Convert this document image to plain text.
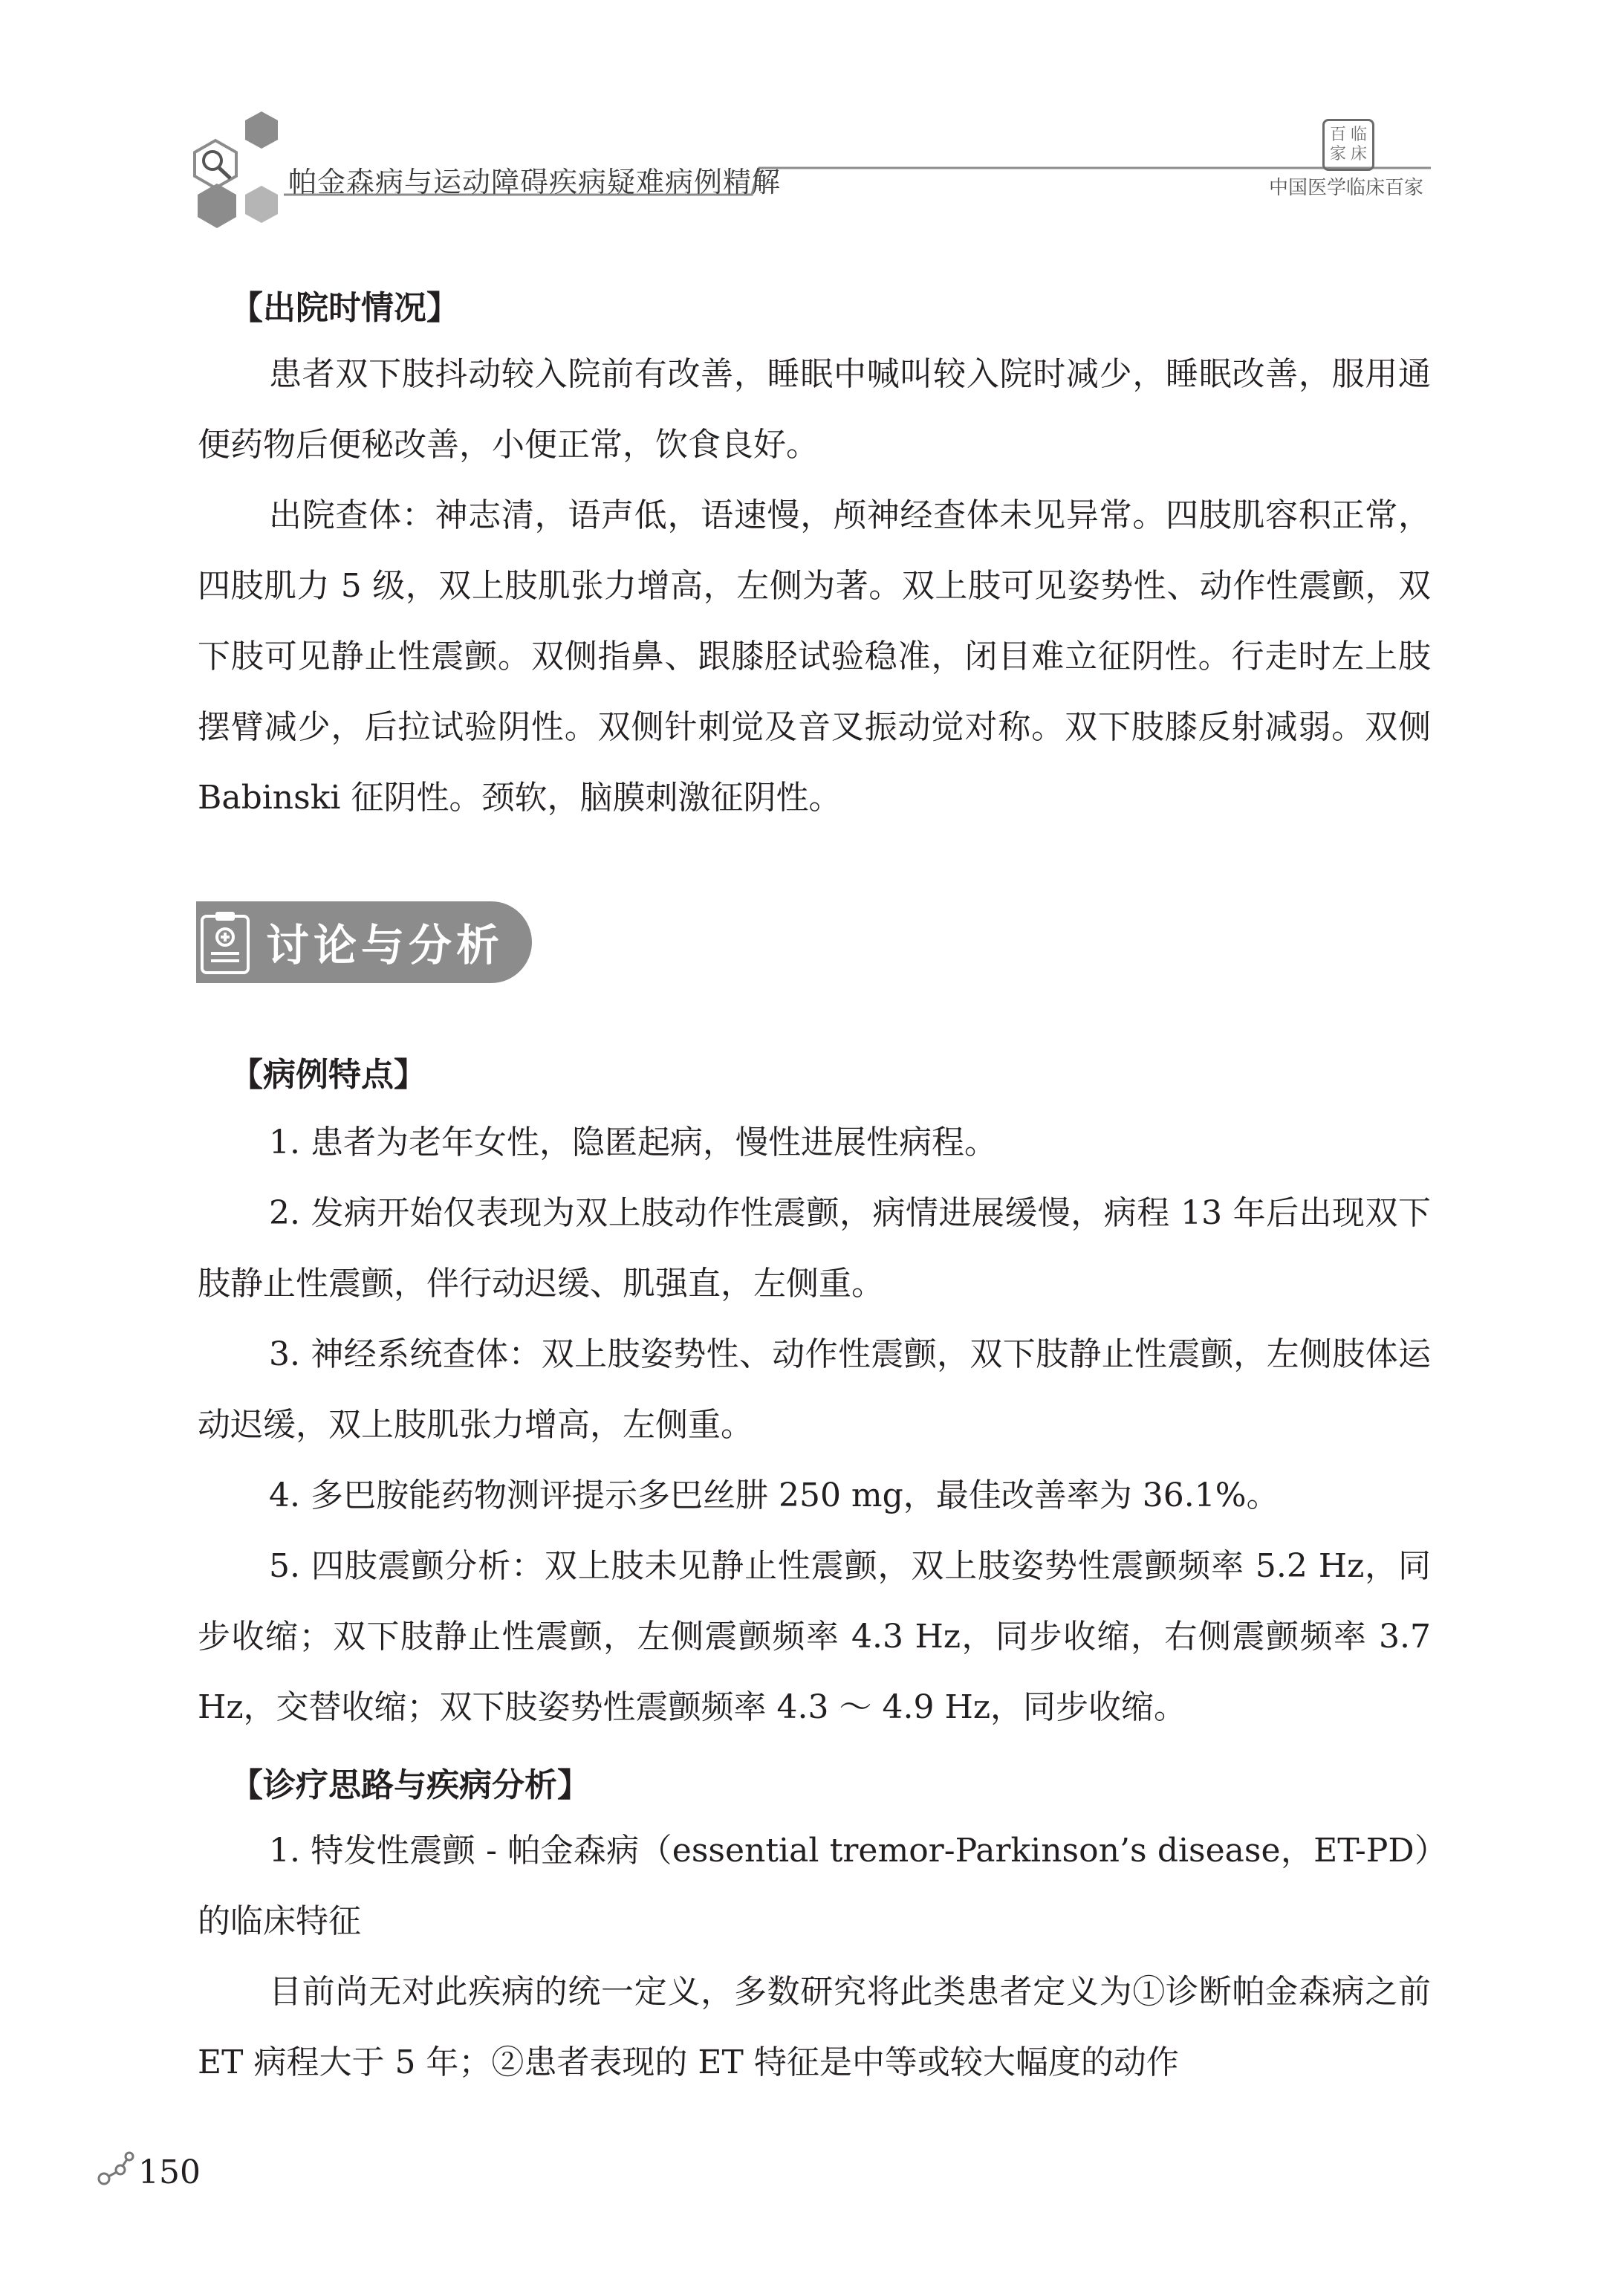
帕金森病与运动障碍疾病疑难病例精解
百 临
家 床
中国医学临床百家
【出院时情况】

患者双下肢抖动较入院前有改善，睡眠中喊叫较入院时减少，睡眠改善，服用通便药物后便秘改善，小便正常，饮食良好。

出院查体：神志清，语声低，语速慢，颅神经查体未见异常。四肢肌容积正常，四肢肌力 5 级，双上肢肌张力增高，左侧为著。双上肢可见姿势性、动作性震颤，双下肢可见静止性震颤。双侧指鼻、跟膝胫试验稳准，闭目难立征阴性。行走时左上肢摆臂减少，后拉试验阴性。双侧针刺觉及音叉振动觉对称。双下肢膝反射减弱。双侧 Babinski 征阴性。颈软，脑膜刺激征阴性。

【病例特点】

1. 患者为老年女性，隐匿起病，慢性进展性病程。

2. 发病开始仅表现为双上肢动作性震颤，病情进展缓慢，病程 13 年后出现双下肢静止性震颤，伴行动迟缓、肌强直，左侧重。

3. 神经系统查体：双上肢姿势性、动作性震颤，双下肢静止性震颤，左侧肢体运动迟缓，双上肢肌张力增高，左侧重。

4. 多巴胺能药物测评提示多巴丝肼 250 mg，最佳改善率为 36.1%。

5. 四肢震颤分析：双上肢未见静止性震颤，双上肢姿势性震颤频率 5.2 Hz，同步收缩；双下肢静止性震颤，左侧震颤频率 4.3 Hz，同步收缩，右侧震颤频率 3.7 Hz，交替收缩；双下肢姿势性震颤频率 4.3 ～ 4.9 Hz，同步收缩。

【诊疗思路与疾病分析】

1. 特发性震颤 - 帕金森病（essential tremor-Parkinson’s disease，ET-PD）的临床特征

目前尚无对此疾病的统一定义，多数研究将此类患者定义为①诊断帕金森病之前 ET 病程大于 5 年；②患者表现的 ET 特征是中等或较大幅度的动作

讨论与分析
150
